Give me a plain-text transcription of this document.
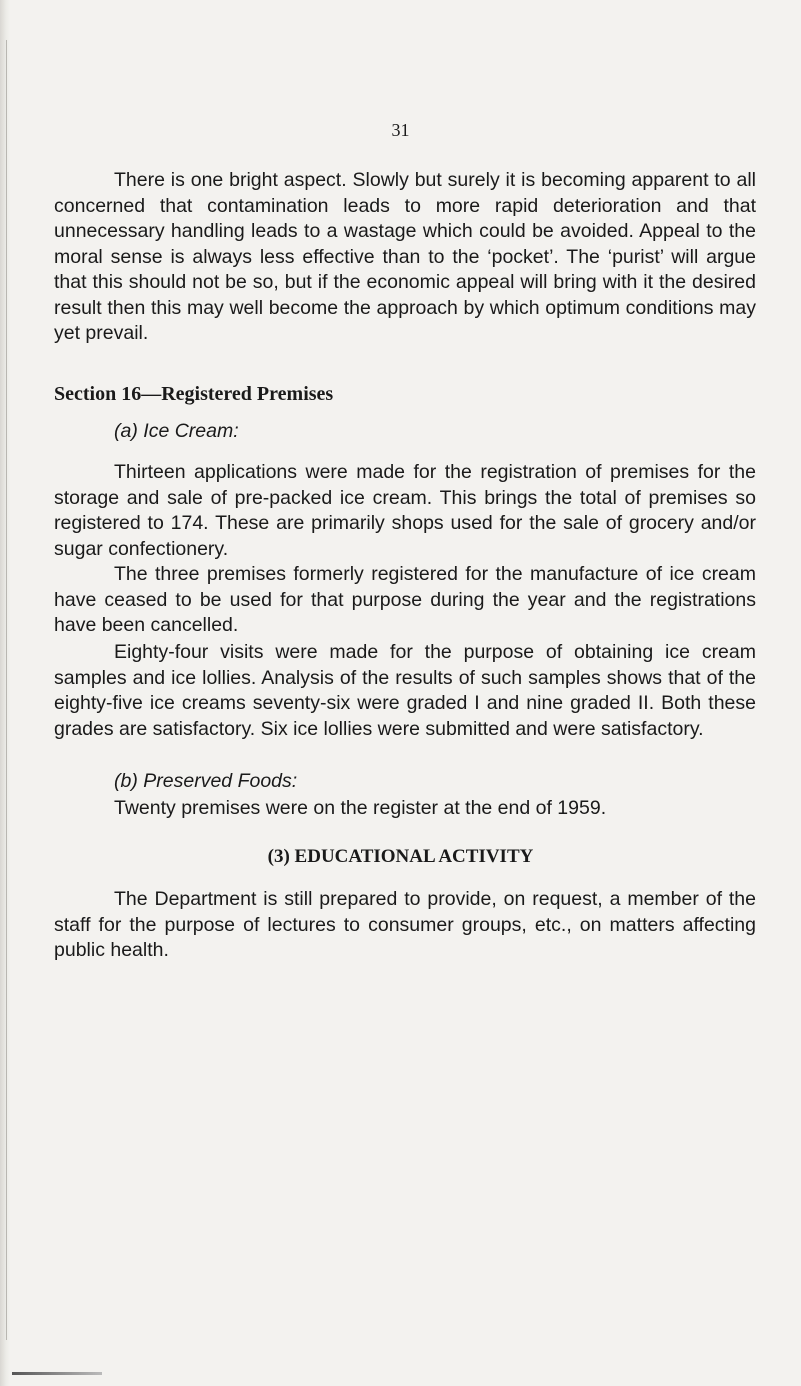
31

There is one bright aspect. Slowly but surely it is becoming apparent to all concerned that contamination leads to more rapid deterioration and that unnecessary handling leads to a wastage which could be avoided. Appeal to the moral sense is always less effective than to the ‘pocket’. The ‘purist’ will argue that this should not be so, but if the economic appeal will bring with it the desired result then this may well become the approach by which optimum conditions may yet prevail.

Section 16—Registered Premises
(a) Ice Cream:

Thirteen applications were made for the registration of premises for the storage and sale of pre-packed ice cream. This brings the total of premises so registered to 174. These are primarily shops used for the sale of grocery and/or sugar confectionery.

The three premises formerly registered for the manufacture of ice cream have ceased to be used for that purpose during the year and the registrations have been cancelled.

Eighty-four visits were made for the purpose of obtaining ice cream samples and ice lollies. Analysis of the results of such samples shows that of the eighty-five ice creams seventy-six were graded I and nine graded II. Both these grades are satisfactory. Six ice lollies were submitted and were satisfactory.

(b) Preserved Foods:
Twenty premises were on the register at the end of 1959.
(3) EDUCATIONAL ACTIVITY

The Department is still prepared to provide, on request, a member of the staff for the purpose of lectures to consumer groups, etc., on matters affecting public health.
